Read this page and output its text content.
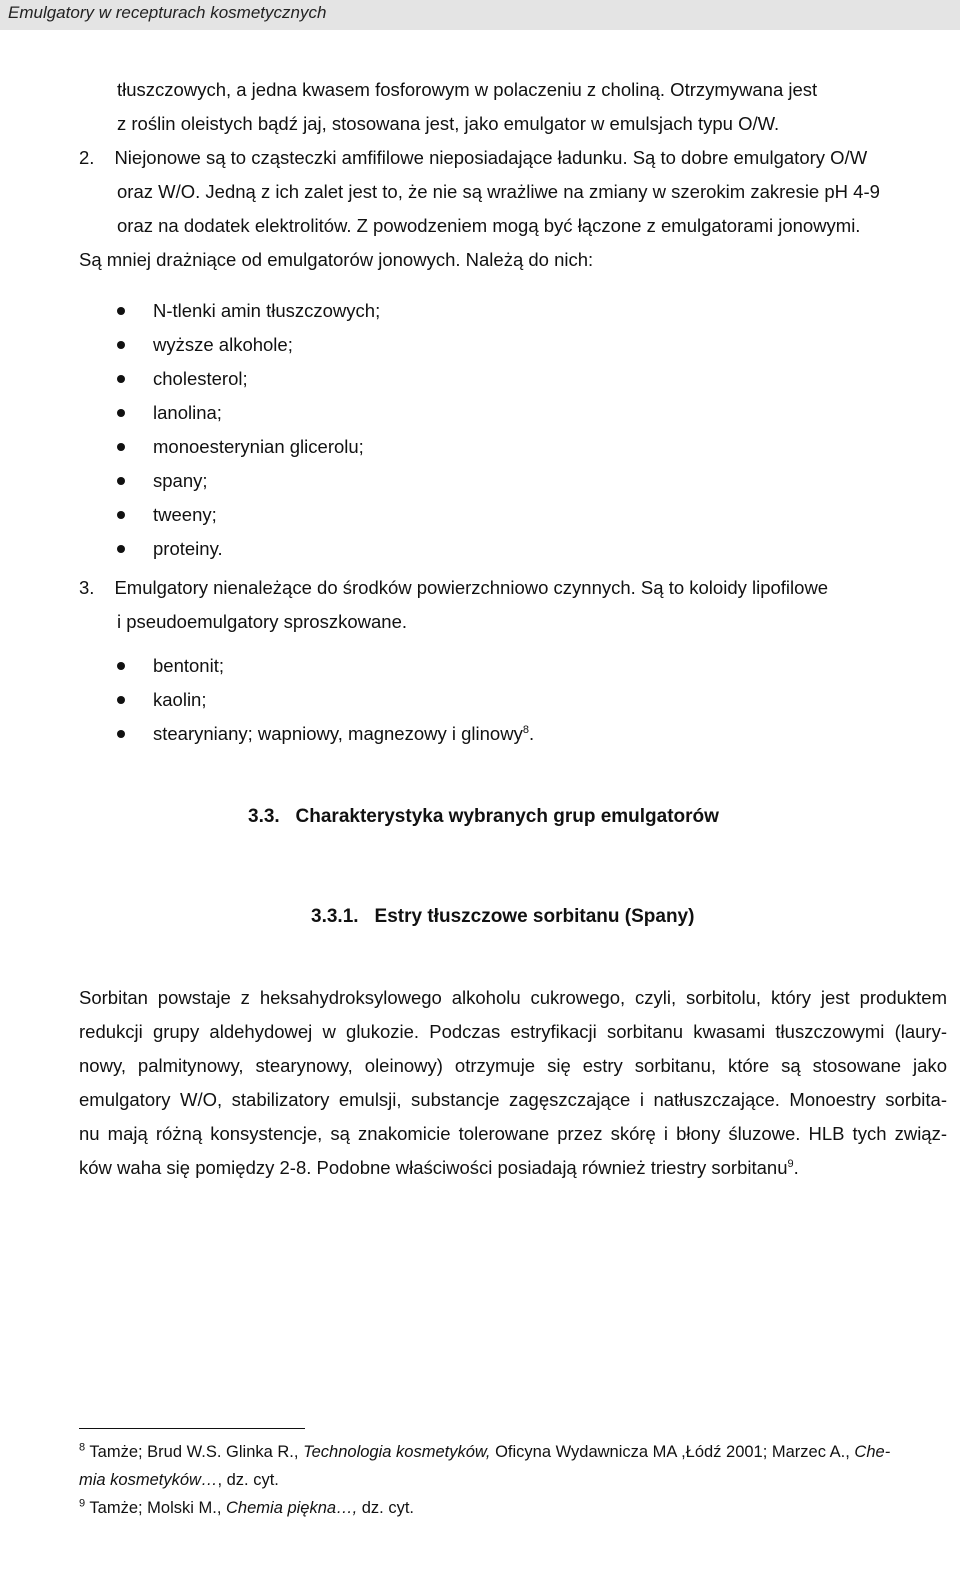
Emulgatory w recepturach kosmetycznych
tłuszczowych, a jedna kwasem fosforowym w polaczeniu z choliną. Otrzymywana jest
z roślin oleistych bądź jaj, stosowana jest, jako emulgator w emulsjach typu O/W.
2. Niejonowe są to cząsteczki amfifilowe nieposiadające ładunku. Są to dobre emulgatory O/W
oraz W/O. Jedną z ich zalet jest to, że nie są wrażliwe na zmiany w szerokim zakresie pH 4-9
oraz na dodatek elektrolitów. Z powodzeniem mogą być łączone z emulgatorami jonowymi.
Są mniej drażniące od emulgatorów jonowych. Należą do nich:
N-tlenki amin tłuszczowych;
wyższe alkohole;
cholesterol;
lanolina;
monoesterynian glicerolu;
spany;
tweeny;
proteiny.
3. Emulgatory nienależące do środków powierzchniowo czynnych. Są to koloidy lipofilowe
i pseudoemulgatory sproszkowane.
bentonit;
kaolin;
stearyniany; wapniowy, magnezowy i glinowy$^8$.
3.3.   Charakterystyka wybranych grup emulgatorów
3.3.1. Estry tłuszczowe sorbitanu (Spany)
Sorbitan powstaje z heksahydroksylowego alkoholu cukrowego, czyli, sorbitolu, który jest produktem
redukcji grupy aldehydowej w glukozie. Podczas estryfikacji sorbitanu kwasami tłuszczowymi (laury-
nowy, palmitynowy, stearynowy, oleinowy) otrzymuje się estry sorbitanu, które są stosowane jako
emulgatory W/O, stabilizatory emulsji, substancje zagęszczające i natłuszczające. Monoestry sorbita-
nu mają różną konsystencje, są znakomicie tolerowane przez skórę i błony śluzowe. HLB tych związ-
ków waha się pomiędzy 2-8. Podobne właściwości posiadają również triestry sorbitanu$^9$.
$^8$ Tamże; Brud W.S. Glinka R., Technologia kosmetyków, Oficyna Wydawnicza MA ,Łódź 2001; Marzec A., Che-
mia kosmetyków…, dz. cyt.
$^9$ Tamże; Molski M., Chemia piękna…, dz. cyt.
